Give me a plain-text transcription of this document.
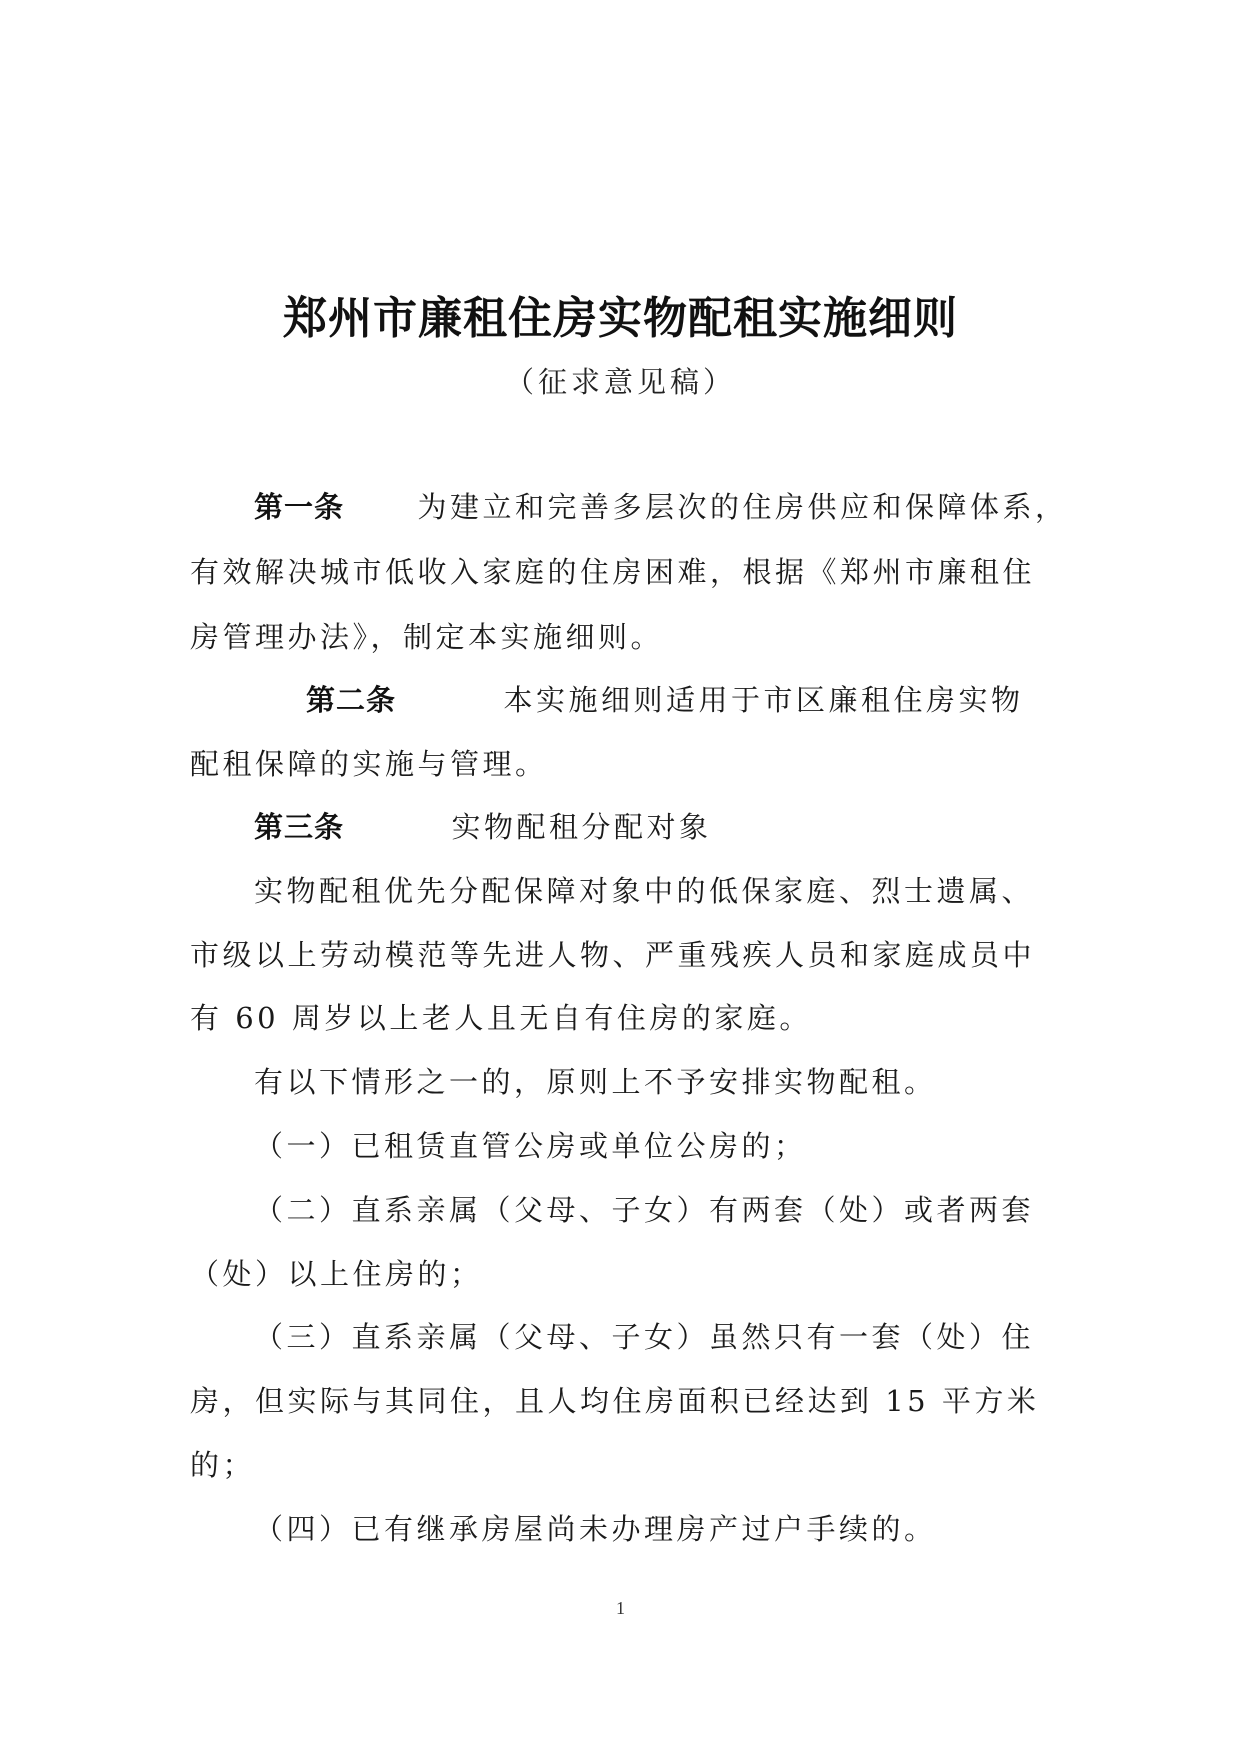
郑州市廉租住房实物配租实施细则
（征求意见稿）
第一条	为建立和完善多层次的住房供应和保障体系，
有效解决城市低收入家庭的住房困难，根据《郑州市廉租住
房管理办法》，制定本实施细则。
第二条	本实施细则适用于市区廉租住房实物
配租保障的实施与管理。
第三条	实物配租分配对象
实物配租优先分配保障对象中的低保家庭、烈士遗属、
市级以上劳动模范等先进人物、严重残疾人员和家庭成员中
有 60 周岁以上老人且无自有住房的家庭。
有以下情形之一的，原则上不予安排实物配租。
（一）已租赁直管公房或单位公房的；
（二）直系亲属（父母、子女）有两套（处）或者两套
（处）以上住房的；
（三）直系亲属（父母、子女）虽然只有一套（处）住
房，但实际与其同住，且人均住房面积已经达到 15 平方米
的；
（四）已有继承房屋尚未办理房产过户手续的。
1
